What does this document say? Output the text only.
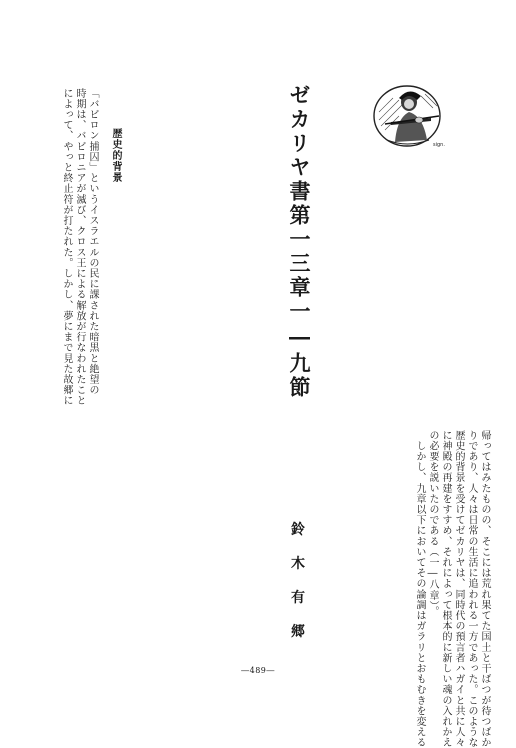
ゼカリヤ書第一三章一―九節	sign.
歴史的背景
「バビロン捕囚」というイスラエルの民に課された暗黒と絶望の
時期は、バビロニアが滅び、クロス王による解放が行なわれたこと
によって、やっと終止符が打たれた。しかし、夢にまで見た故郷に
帰ってはみたものの、そこには荒れ果てた国土と干ばつが待つばか
りであり、人々は日常の生活に追われる一方であった。このような
歴史的背景を受けてゼカリヤは、同時代の預言者ハガイと共に人々
に神殿の再建をすすめ、それによって根本的に新しい魂の入れかえ
の必要を説いたのである（一―八章）。
　しかし、九章以下においてその論調はガラリとおもむきを変える
鈴
木
有
郷
―489―
